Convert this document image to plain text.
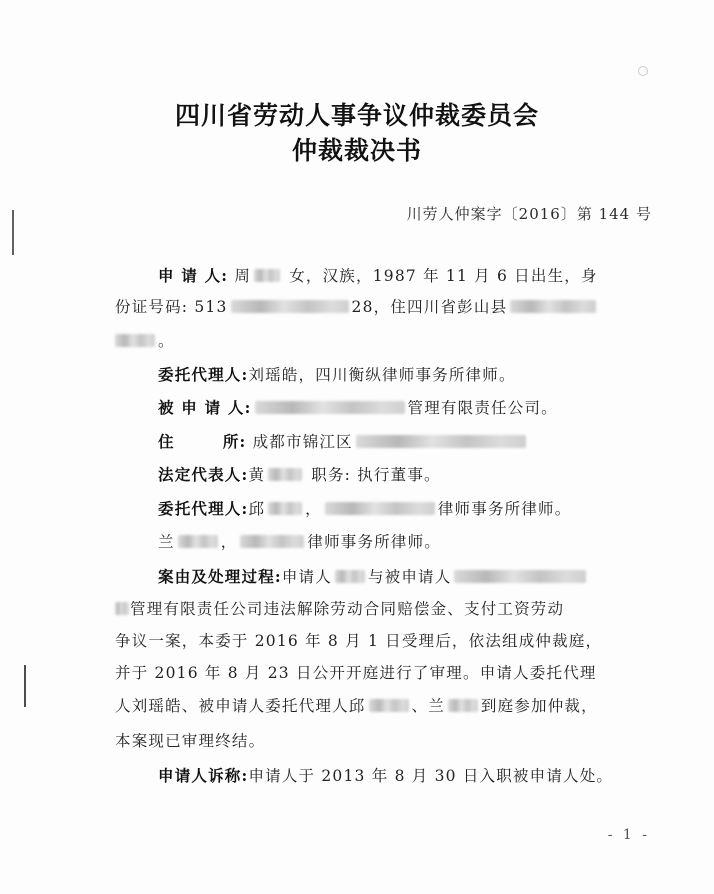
四川省劳动人事争议仲裁委员会
仲裁裁决书
川劳人仲案字〔2016〕第 144 号
申 请 人: 周 女，汉族，1987 年 11 月 6 日出生，身
份证号码: 513	28，住四川省彭山县
。
委托代理人:刘瑶皓，四川衡纵律师事务所律师。
被 申 请 人:	管理有限责任公司。
住	所: 成都市锦江区
法定代表人:黄	职务: 执行董事。
委托代理人:邱	，	律师事务所律师。
兰	，	律师事务所律师。
案由及处理过程:申请人 与被申请人
管理有限责任公司违法解除劳动合同赔偿金、支付工资劳动
争议一案，本委于 2016 年 8 月 1 日受理后，依法组成仲裁庭，
并于 2016 年 8 月 23 日公开开庭进行了审理。申请人委托代理
人刘瑶皓、被申请人委托代理人邱	、兰 到庭参加仲裁，
本案现已审理终结。
申请人诉称:申请人于 2013 年 8 月 30 日入职被申请人处。
- 1 -
